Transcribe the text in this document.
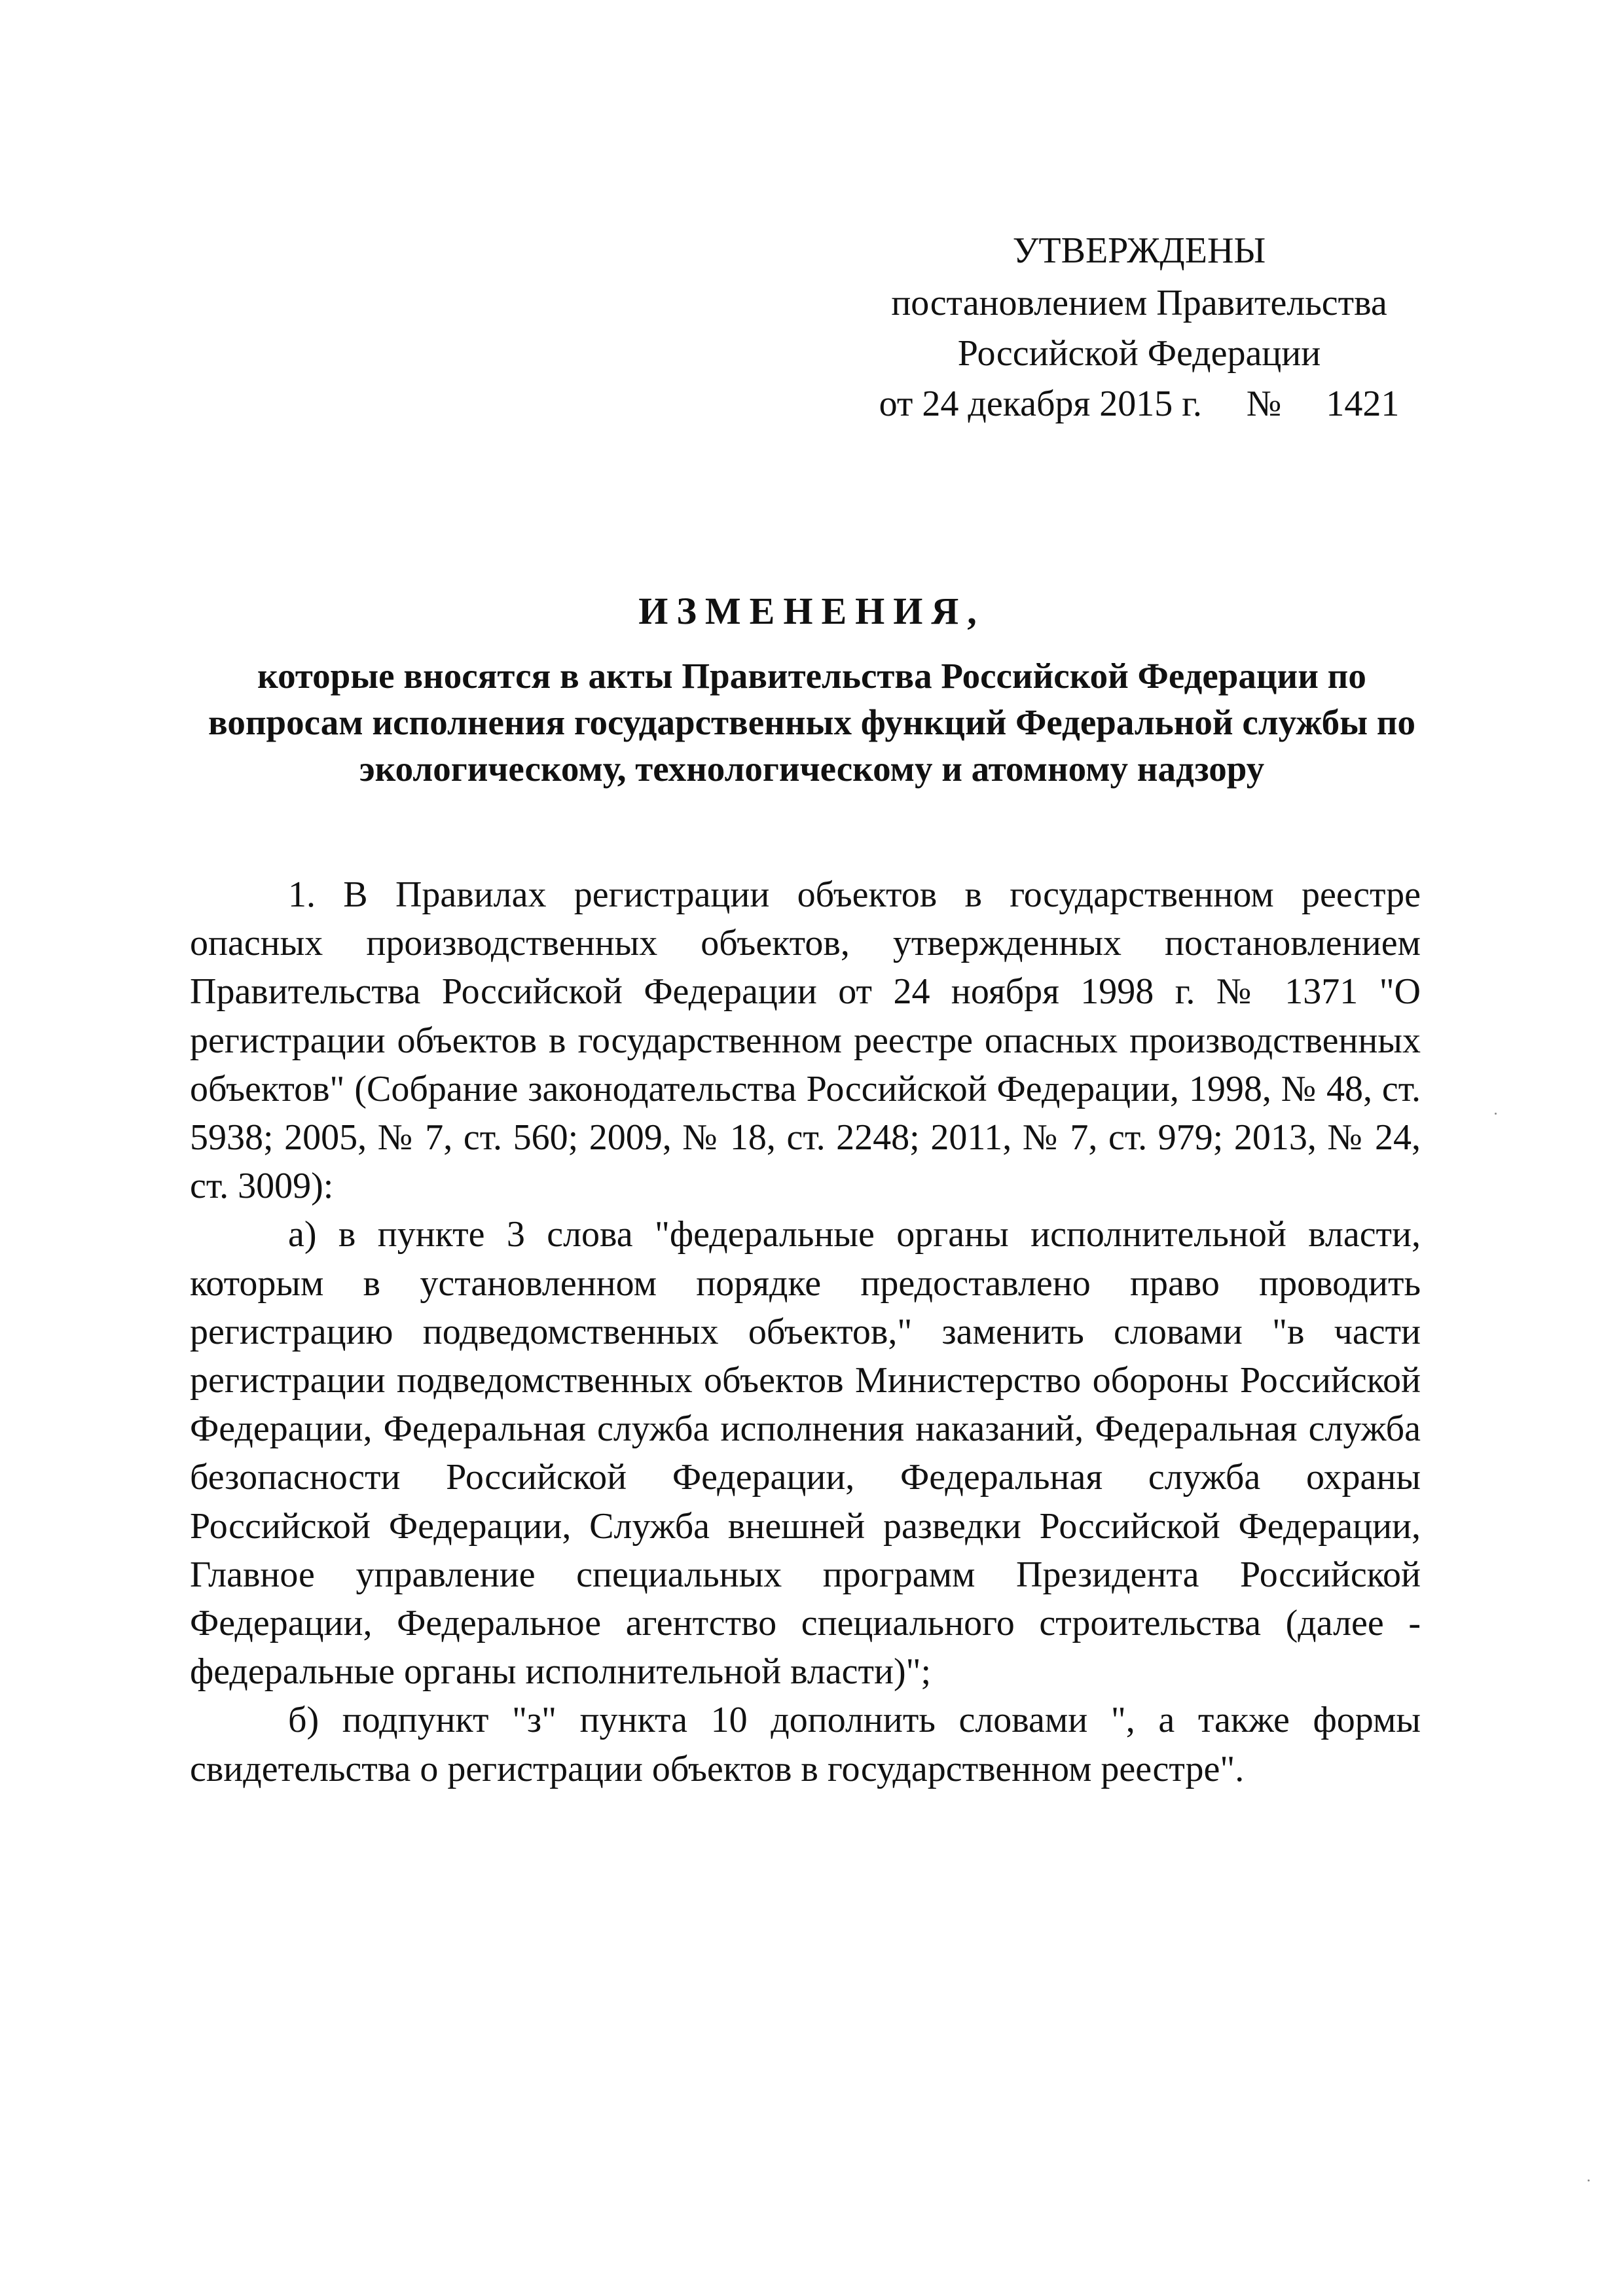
УТВЕРЖДЕНЫ
постановлением Правительства
Российской Федерации
от 24 декабря 2015 г. № 1421
ИЗМЕНЕНИЯ,
которые вносятся в акты Правительства Российской Федерации по вопросам исполнения государственных функций Федеральной службы по экологическому, технологическому и атомному надзору

1. В Правилах регистрации объектов в государственном реестре опасных производственных объектов, утвержденных постановлением Правительства Российской Федерации от 24 ноября 1998 г. № 1371 "О регистрации объектов в государственном реестре опасных производственных объектов" (Собрание законодательства Российской Федерации, 1998, № 48, ст. 5938; 2005, № 7, ст. 560; 2009, № 18, ст. 2248; 2011, № 7, ст. 979; 2013, № 24, ст. 3009):

а) в пункте 3 слова "федеральные органы исполнительной власти, которым в установленном порядке предоставлено право проводить регистрацию подведомственных объектов," заменить словами "в части регистрации подведомственных объектов Министерство обороны Российской Федерации, Федеральная служба исполнения наказаний, Федеральная служба безопасности Российской Федерации, Федеральная служба охраны Российской Федерации, Служба внешней разведки Российской Федерации, Главное управление специальных программ Президента Российской Федерации, Федеральное агентство специального строительства (далее - федеральные органы исполнительной власти)";

б) подпункт "з" пункта 10 дополнить словами ", а также формы свидетельства о регистрации объектов в государственном реестре".
